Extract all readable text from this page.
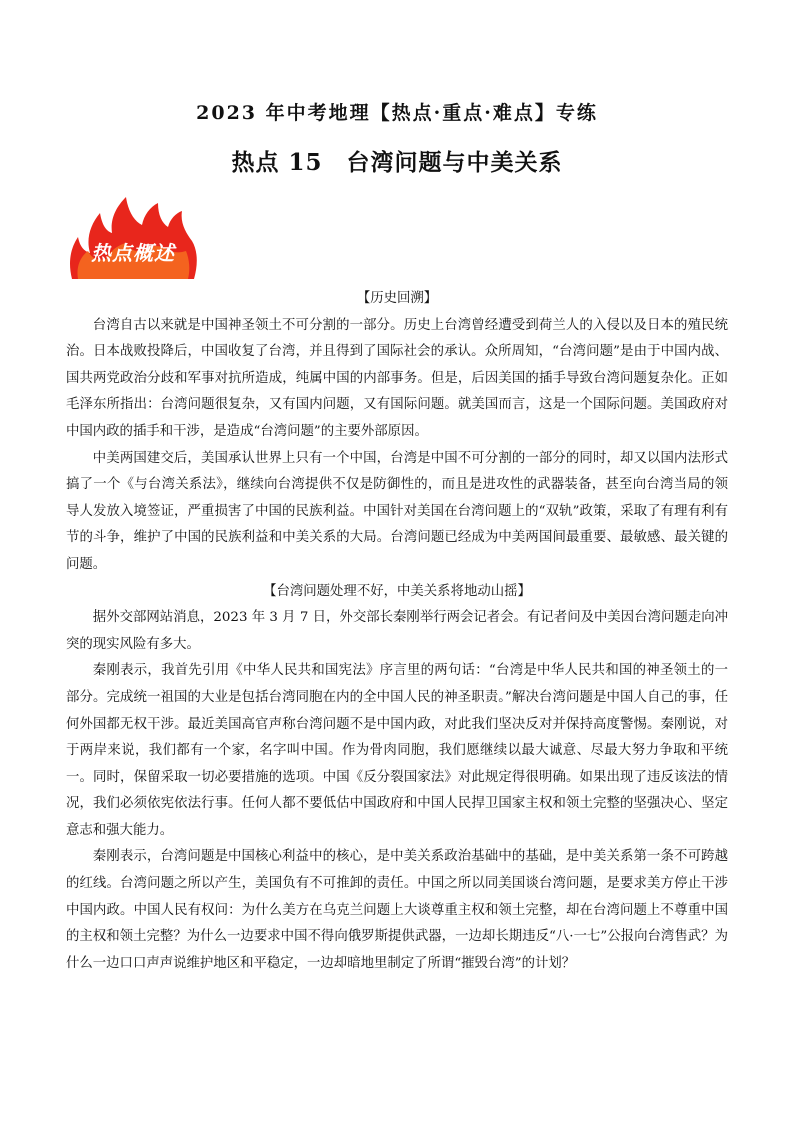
2023 年中考地理【热点·重点·难点】专练
热点 15　台湾问题与中美关系
热点概述

【历史回溯】

台湾自古以来就是中国神圣领土不可分割的一部分。历史上台湾曾经遭受到荷兰人的入侵以及日本的殖民统治。日本战败投降后，中国收复了台湾，并且得到了国际社会的承认。众所周知，“台湾问题”是由于中国内战、国共两党政治分歧和军事对抗所造成，纯属中国的内部事务。但是，后因美国的插手导致台湾问题复杂化。正如毛泽东所指出：台湾问题很复杂，又有国内问题，又有国际问题。就美国而言，这是一个国际问题。美国政府对中国内政的插手和干涉，是造成“台湾问题”的主要外部原因。

中美两国建交后，美国承认世界上只有一个中国，台湾是中国不可分割的一部分的同时，却又以国内法形式搞了一个《与台湾关系法》，继续向台湾提供不仅是防御性的，而且是进攻性的武器装备，甚至向台湾当局的领导人发放入境签证，严重损害了中国的民族利益。中国针对美国在台湾问题上的“双轨”政策，采取了有理有利有节的斗争，维护了中国的民族利益和中美关系的大局。台湾问题已经成为中美两国间最重要、最敏感、最关键的问题。

【台湾问题处理不好，中美关系将地动山摇】

据外交部网站消息，2023 年 3 月 7 日，外交部长秦刚举行两会记者会。有记者问及中美因台湾问题走向冲突的现实风险有多大。

秦刚表示，我首先引用《中华人民共和国宪法》序言里的两句话：“台湾是中华人民共和国的神圣领土的一部分。完成统一祖国的大业是包括台湾同胞在内的全中国人民的神圣职责。”解决台湾问题是中国人自己的事，任何外国都无权干涉。最近美国高官声称台湾问题不是中国内政，对此我们坚决反对并保持高度警惕。秦刚说，对于两岸来说，我们都有一个家，名字叫中国。作为骨肉同胞，我们愿继续以最大诚意、尽最大努力争取和平统一。同时，保留采取一切必要措施的选项。中国《反分裂国家法》对此规定得很明确。如果出现了违反该法的情况，我们必须依宪依法行事。任何人都不要低估中国政府和中国人民捍卫国家主权和领土完整的坚强决心、坚定意志和强大能力。

秦刚表示，台湾问题是中国核心利益中的核心，是中美关系政治基础中的基础，是中美关系第一条不可跨越的红线。台湾问题之所以产生，美国负有不可推卸的责任。中国之所以同美国谈台湾问题，是要求美方停止干涉中国内政。中国人民有权问：为什么美方在乌克兰问题上大谈尊重主权和领土完整，却在台湾问题上不尊重中国的主权和领土完整？为什么一边要求中国不得向俄罗斯提供武器，一边却长期违反“八·一七”公报向台湾售武？为什么一边口口声声说维护地区和平稳定，一边却暗地里制定了所谓“摧毁台湾”的计划？
